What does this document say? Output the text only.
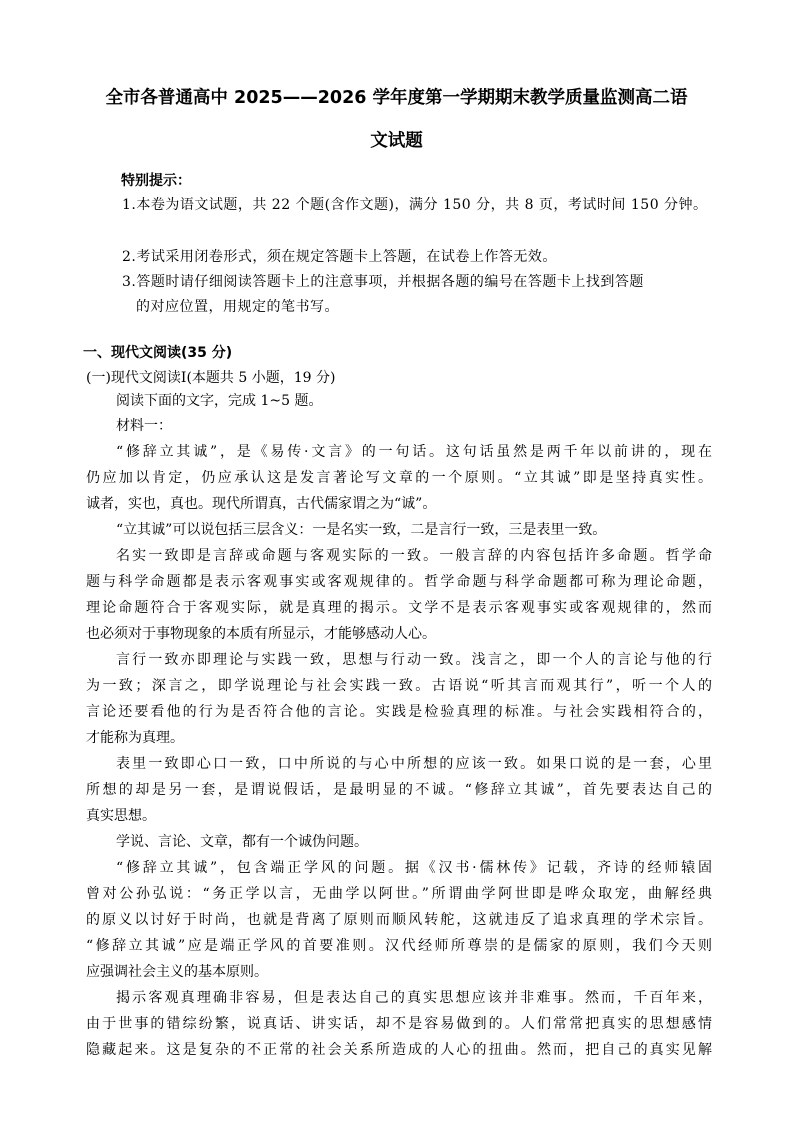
全市各普通高中 2025——2026 学年度第一学期期末教学质量监测高二语
文试题
特别提示：
1.本卷为语文试题，共 22 个题(含作文题)，满分 150 分，共 8 页，考试时间 150 分钟。
2.考试采用闭卷形式，须在规定答题卡上答题，在试卷上作答无效。
3.答题时请仔细阅读答题卡上的注意事项，并根据各题的编号在答题卡上找到答题
的对应位置，用规定的笔书写。
一、现代文阅读(35 分)
(一)现代文阅读Ⅰ(本题共 5 小题，19 分)
阅读下面的文字，完成 1~5 题。
材料一：
“修辞立其诚”，是《易传·文言》的一句话。这句话虽然是两千年以前讲的，现在
仍应加以肯定，仍应承认这是发言著论写文章的一个原则。“立其诚”即是坚持真实性。
诚者，实也，真也。现代所谓真，古代儒家谓之为“诚”。
“立其诚”可以说包括三层含义：一是名实一致，二是言行一致，三是表里一致。
名实一致即是言辞或命题与客观实际的一致。一般言辞的内容包括许多命题。哲学命
题与科学命题都是表示客观事实或客观规律的。哲学命题与科学命题都可称为理论命题，
理论命题符合于客观实际，就是真理的揭示。文学不是表示客观事实或客观规律的，然而
也必须对于事物现象的本质有所显示，才能够感动人心。
言行一致亦即理论与实践一致，思想与行动一致。浅言之，即一个人的言论与他的行
为一致；深言之，即学说理论与社会实践一致。古语说“听其言而观其行”，听一个人的
言论还要看他的行为是否符合他的言论。实践是检验真理的标准。与社会实践相符合的，
才能称为真理。
表里一致即心口一致，口中所说的与心中所想的应该一致。如果口说的是一套，心里
所想的却是另一套，是谓说假话，是最明显的不诚。“修辞立其诚”，首先要表达自己的
真实思想。
学说、言论、文章，都有一个诚伪问题。
“修辞立其诚”，包含端正学风的问题。据《汉书·儒林传》记载，齐诗的经师辕固
曾对公孙弘说：“务正学以言，无曲学以阿世。”所谓曲学阿世即是哗众取宠，曲解经典
的原义以讨好于时尚，也就是背离了原则而顺风转舵，这就违反了追求真理的学术宗旨。
“修辞立其诚”应是端正学风的首要准则。汉代经师所尊崇的是儒家的原则，我们今天则
应强调社会主义的基本原则。
揭示客观真理确非容易，但是表达自己的真实思想应该并非难事。然而，千百年来，
由于世事的错综纷繁，说真话、讲实话，却不是容易做到的。人们常常把真实的思想感情
隐藏起来。这是复杂的不正常的社会关系所造成的人心的扭曲。然而，把自己的真实见解
